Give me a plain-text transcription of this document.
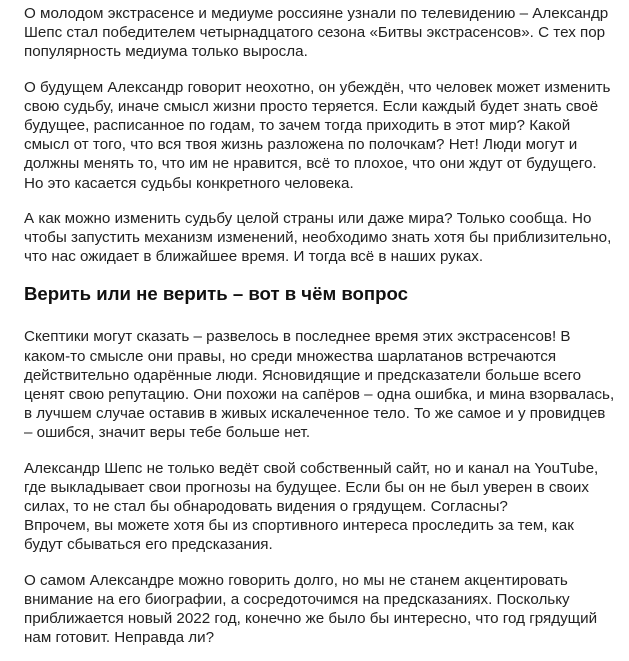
О молодом экстрасенсе и медиуме россияне узнали по телевидению – Александр Шепс стал победителем четырнадцатого сезона «Битвы экстрасенсов». С тех пор популярность медиума только выросла.

О будущем Александр говорит неохотно, он убеждён, что человек может изменить свою судьбу, иначе смысл жизни просто теряется. Если каждый будет знать своё будущее, расписанное по годам, то зачем тогда приходить в этот мир? Какой смысл от того, что вся твоя жизнь разложена по полочкам? Нет! Люди могут и должны менять то, что им не нравится, всё то плохое, что они ждут от будущего. Но это касается судьбы конкретного человека.

А как можно изменить судьбу целой страны или даже мира? Только сообща. Но чтобы запустить механизм изменений, необходимо знать хотя бы приблизительно, что нас ожидает в ближайшее время. И тогда всё в наших руках.

Верить или не верить – вот в чём вопрос

Скептики могут сказать – развелось в последнее время этих экстрасенсов! В каком-то смысле они правы, но среди множества шарлатанов встречаются действительно одарённые люди. Ясновидящие и предсказатели больше всего ценят свою репутацию. Они похожи на сапёров – одна ошибка, и мина взорвалась, в лучшем случае оставив в живых искалеченное тело. То же самое и у провидцев – ошибся, значит веры тебе больше нет.

Александр Шепс не только ведёт свой собственный сайт, но и канал на YouTube, где выкладывает свои прогнозы на будущее. Если бы он не был уверен в своих силах, то не стал бы обнародовать видения о грядущем. Согласны?

Впрочем, вы можете хотя бы из спортивного интереса проследить за тем, как будут сбываться его предсказания.

О самом Александре можно говорить долго, но мы не станем акцентировать внимание на его биографии, а сосредоточимся на предсказаниях. Поскольку приближается новый 2022 год, конечно же было бы интересно, что год грядущий нам готовит. Неправда ли?
